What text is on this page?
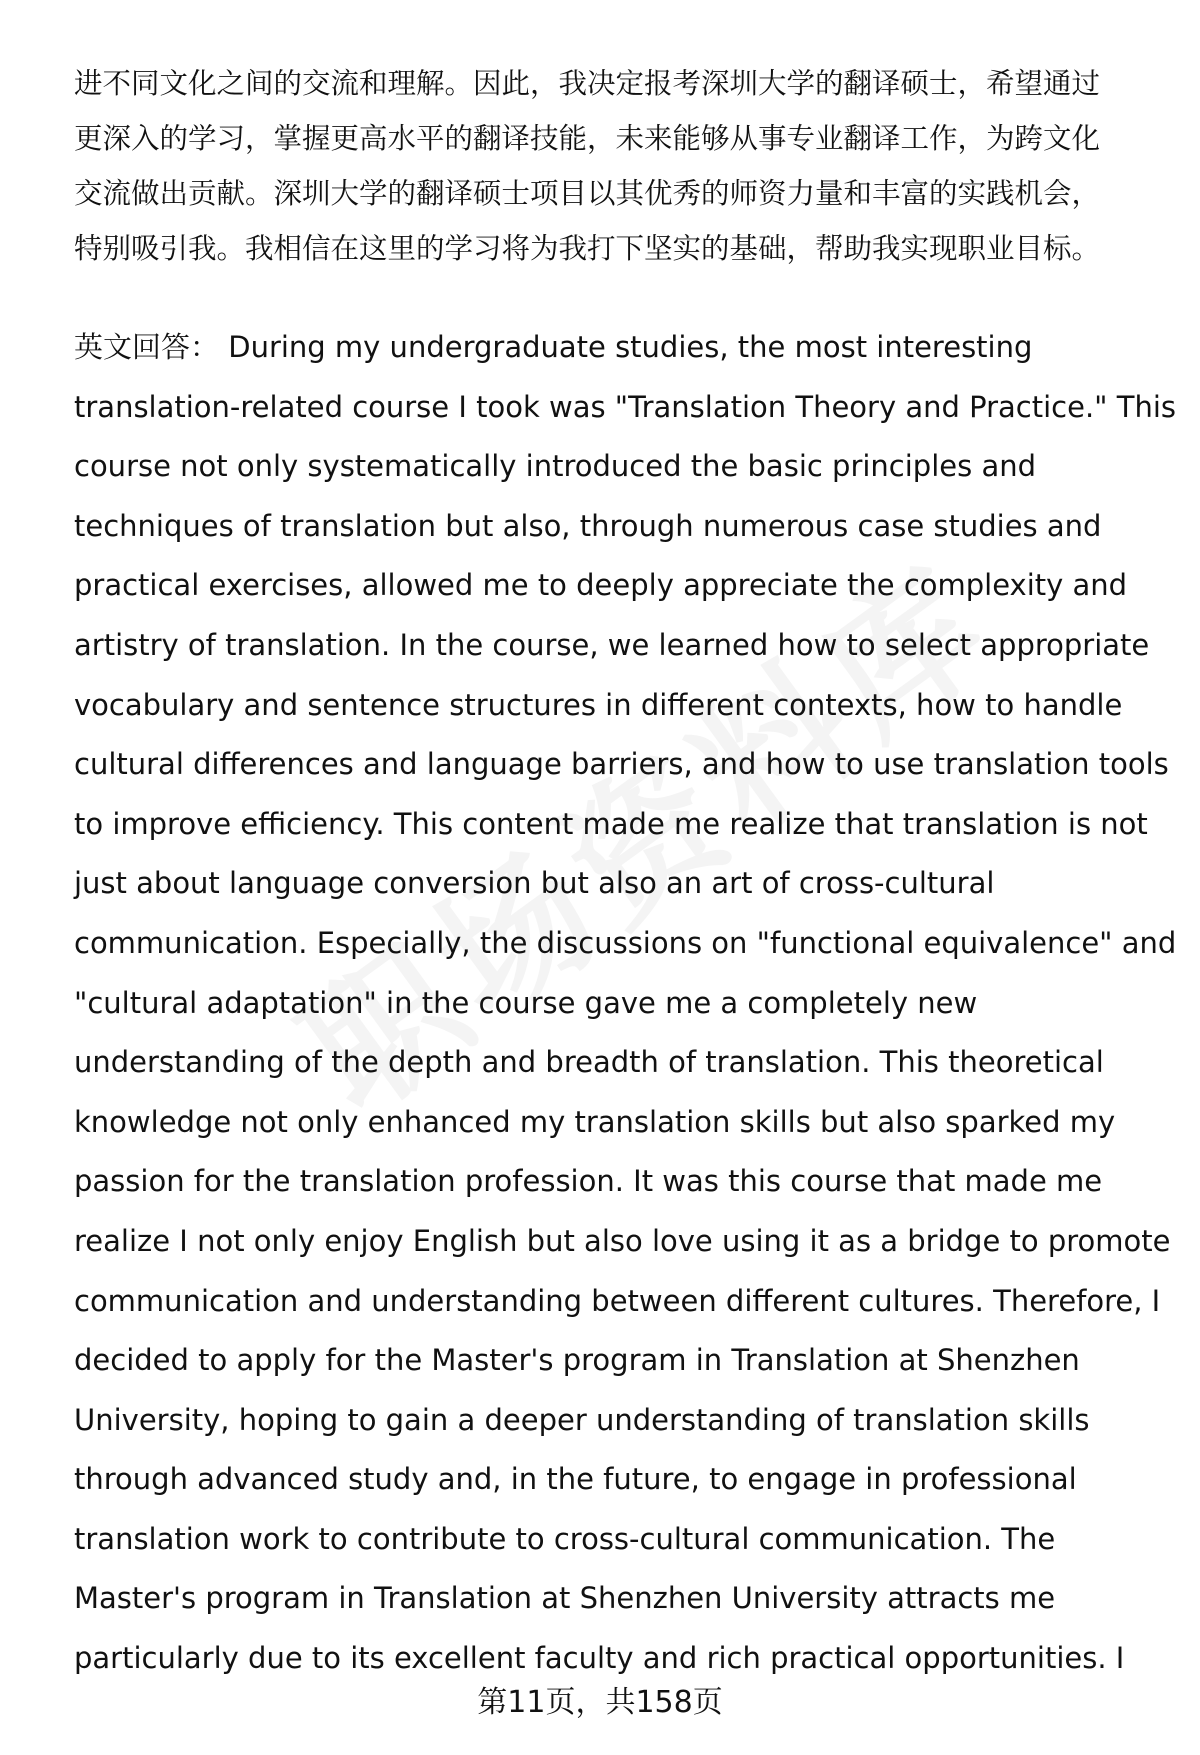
进不同文化之间的交流和理解。因此，我决定报考深圳大学的翻译硕士，希望通过
更深入的学习，掌握更高水平的翻译技能，未来能够从事专业翻译工作，为跨文化
交流做出贡献。深圳大学的翻译硕士项目以其优秀的师资力量和丰富的实践机会，
特别吸引我。我相信在这里的学习将为我打下坚实的基础，帮助我实现职业目标。
英文回答： During my undergraduate studies, the most interesting
translation-related course I took was "Translation Theory and Practice." This
course not only systematically introduced the basic principles and
techniques of translation but also, through numerous case studies and
practical exercises, allowed me to deeply appreciate the complexity and
artistry of translation. In the course, we learned how to select appropriate
vocabulary and sentence structures in different contexts, how to handle
cultural differences and language barriers, and how to use translation tools
to improve efficiency. This content made me realize that translation is not
just about language conversion but also an art of cross-cultural
communication. Especially, the discussions on "functional equivalence" and
"cultural adaptation" in the course gave me a completely new
understanding of the depth and breadth of translation. This theoretical
knowledge not only enhanced my translation skills but also sparked my
passion for the translation profession. It was this course that made me
realize I not only enjoy English but also love using it as a bridge to promote
communication and understanding between different cultures. Therefore, I
decided to apply for the Master's program in Translation at Shenzhen
University, hoping to gain a deeper understanding of translation skills
through advanced study and, in the future, to engage in professional
translation work to contribute to cross-cultural communication. The
Master's program in Translation at Shenzhen University attracts me
particularly due to its excellent faculty and rich practical opportunities. I
第11页，共158页
